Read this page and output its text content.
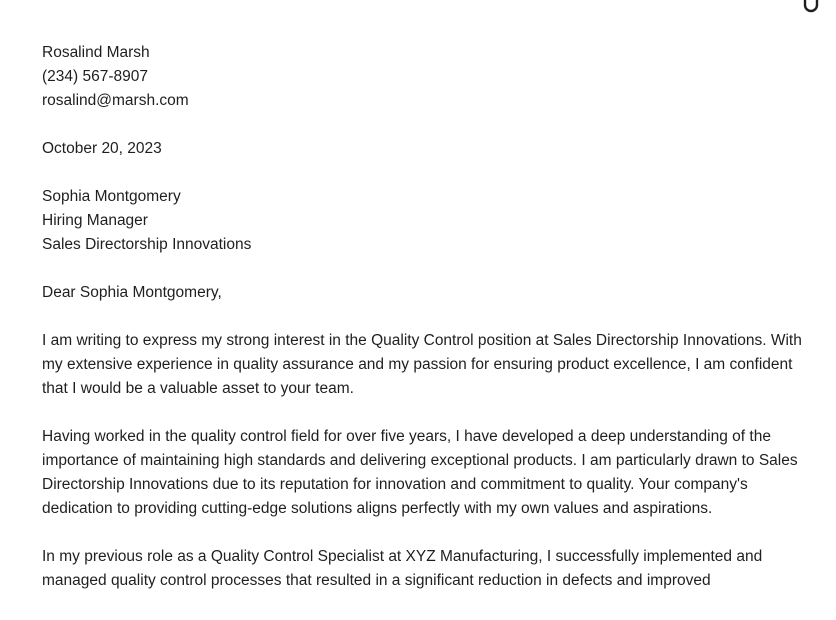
Rosalind Marsh
(234) 567-8907
rosalind@marsh.com
October 20, 2023
Sophia Montgomery
Hiring Manager
Sales Directorship Innovations
Dear Sophia Montgomery,

I am writing to express my strong interest in the Quality Control position at Sales Directorship Innovations. With my extensive experience in quality assurance and my passion for ensuring product excellence, I am confident that I would be a valuable asset to your team.

Having worked in the quality control field for over five years, I have developed a deep understanding of the importance of maintaining high standards and delivering exceptional products. I am particularly drawn to Sales Directorship Innovations due to its reputation for innovation and commitment to quality. Your company's dedication to providing cutting-edge solutions aligns perfectly with my own values and aspirations.

In my previous role as a Quality Control Specialist at XYZ Manufacturing, I successfully implemented and managed quality control processes that resulted in a significant reduction in defects and improved
